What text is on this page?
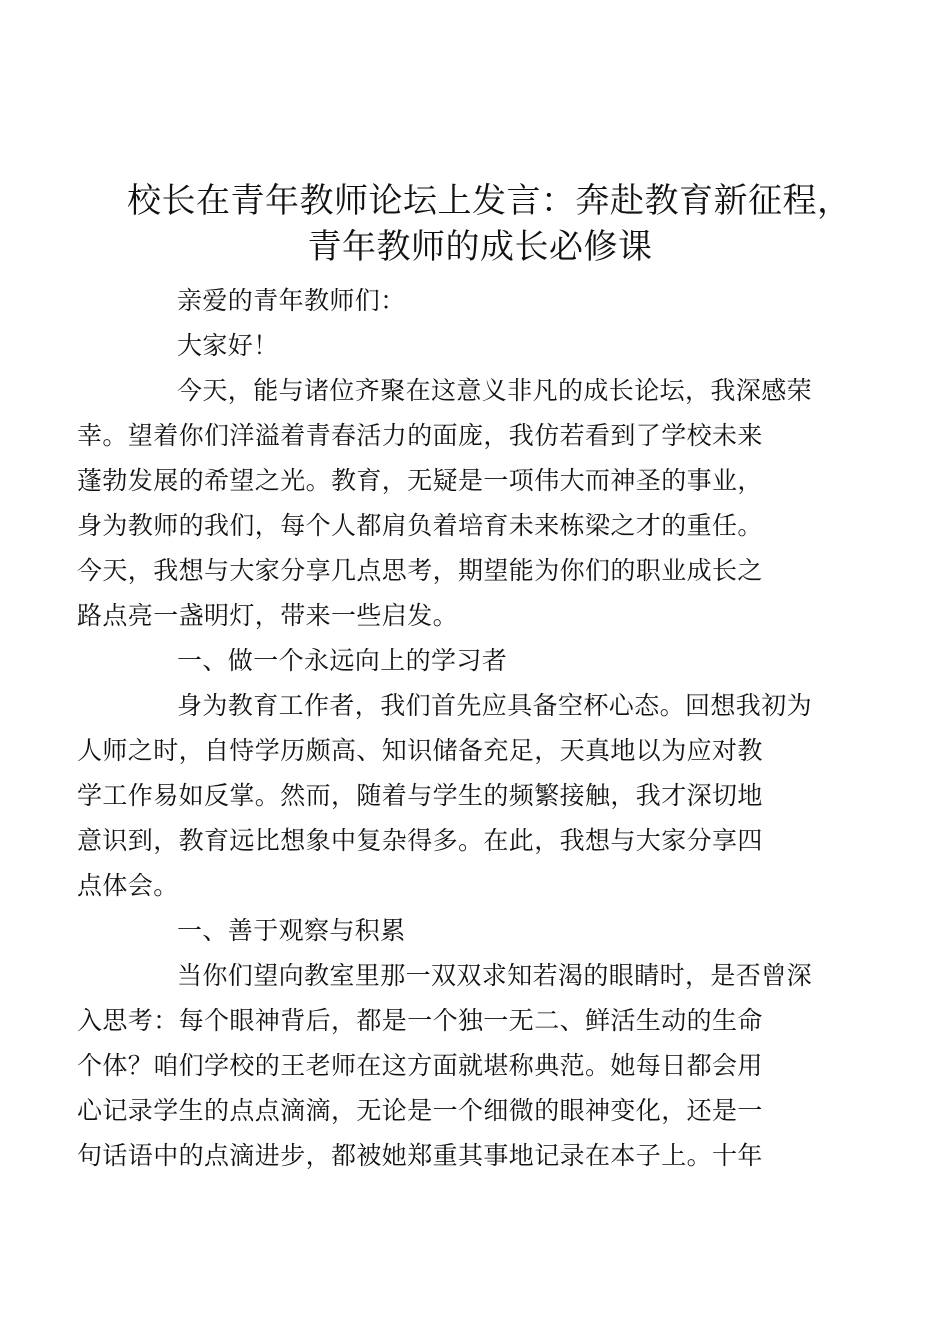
校长在青年教师论坛上发言：奔赴教育新征程，
青年教师的成长必修课

亲爱的青年教师们：

大家好！

今天，能与诸位齐聚在这意义非凡的成长论坛，我深感荣
幸。望着你们洋溢着青春活力的面庞，我仿若看到了学校未来
蓬勃发展的希望之光。教育，无疑是一项伟大而神圣的事业，
身为教师的我们，每个人都肩负着培育未来栋梁之才的重任。
今天，我想与大家分享几点思考，期望能为你们的职业成长之
路点亮一盏明灯，带来一些启发。

一、做一个永远向上的学习者

身为教育工作者，我们首先应具备空杯心态。回想我初为
人师之时，自恃学历颇高、知识储备充足，天真地以为应对教
学工作易如反掌。然而，随着与学生的频繁接触，我才深切地
意识到，教育远比想象中复杂得多。在此，我想与大家分享四
点体会。

一、善于观察与积累

当你们望向教室里那一双双求知若渴的眼睛时，是否曾深
入思考：每个眼神背后，都是一个独一无二、鲜活生动的生命
个体？咱们学校的王老师在这方面就堪称典范。她每日都会用
心记录学生的点点滴滴，无论是一个细微的眼神变化，还是一
句话语中的点滴进步，都被她郑重其事地记录在本子上。十年
